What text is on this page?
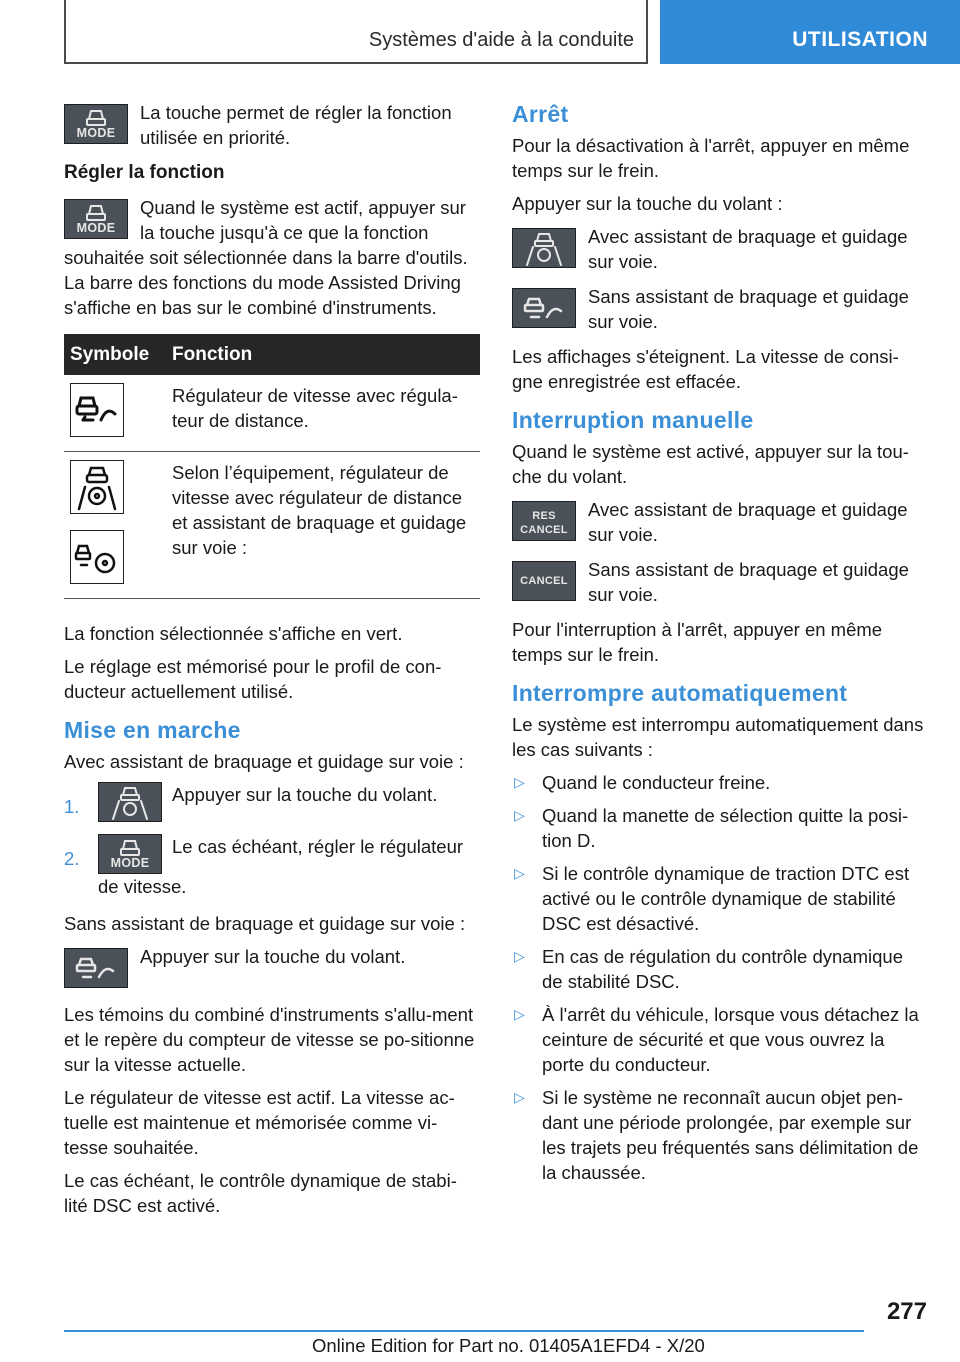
Systèmes d'aide à la conduite	UTILISATION
MODE
La touche permet de régler la fonction utilisée en priorité.
Régler la fonction
MODE
Quand le système est actif, appuyer sur la touche jusqu'à ce que la fonction souhaitée soit sélectionnée dans la barre d'outils. La barre des fonctions du mode Assisted Driving s'affiche en bas sur le combiné d'instruments.
Symbole	Fonction

	Régulateur de vitesse avec régula-teur de distance.

	Selon l’équipement, régulateur de vitesse avec régulateur de distance et assistant de braquage et guidage sur voie :

La fonction sélectionnée s'affiche en vert.

Le réglage est mémorisé pour le profil de con-ducteur actuellement utilisé.

Mise en marche

Avec assistant de braquage et guidage sur voie :

1.
Appuyer sur la touche du volant.
2.	MODE
Le cas échéant, régler le régulateur de vitesse.

Sans assistant de braquage et guidage sur voie :

Appuyer sur la touche du volant.

Les témoins du combiné d'instruments s'allu-ment et le repère du compteur de vitesse se po-sitionne sur la vitesse actuelle.

Le régulateur de vitesse est actif. La vitesse ac-tuelle est maintenue et mémorisée comme vi-tesse souhaitée.

Le cas échéant, le contrôle dynamique de stabi-lité DSC est activé.

Arrêt

Pour la désactivation à l'arrêt, appuyer en même temps sur le frein.

Appuyer sur la touche du volant :

Avec assistant de braquage et guidage sur voie.
Sans assistant de braquage et guidage sur voie.

Les affichages s'éteignent. La vitesse de consi-gne enregistrée est effacée.

Interruption manuelle

Quand le système est activé, appuyer sur la tou-che du volant.

RES
CANCEL
Avec assistant de braquage et guidage sur voie.
CANCEL
Sans assistant de braquage et guidage sur voie.

Pour l'interruption à l'arrêt, appuyer en même temps sur le frein.

Interrompre automatiquement

Le système est interrompu automatiquement dans les cas suivants :

▷ Quand le conducteur freine.
▷ Quand la manette de sélection quitte la posi-tion D.
▷ Si le contrôle dynamique de traction DTC est activé ou le contrôle dynamique de stabilité DSC est désactivé.
▷ En cas de régulation du contrôle dynamique de stabilité DSC.
▷ À l'arrêt du véhicule, lorsque vous détachez la ceinture de sécurité et que vous ouvrez la porte du conducteur.
▷ Si le système ne reconnaît aucun objet pen-dant une période prolongée, par exemple sur les trajets peu fréquentés sans délimitation de la chaussée.
277
Online Edition for Part no. 01405A1EFD4 - X/20
